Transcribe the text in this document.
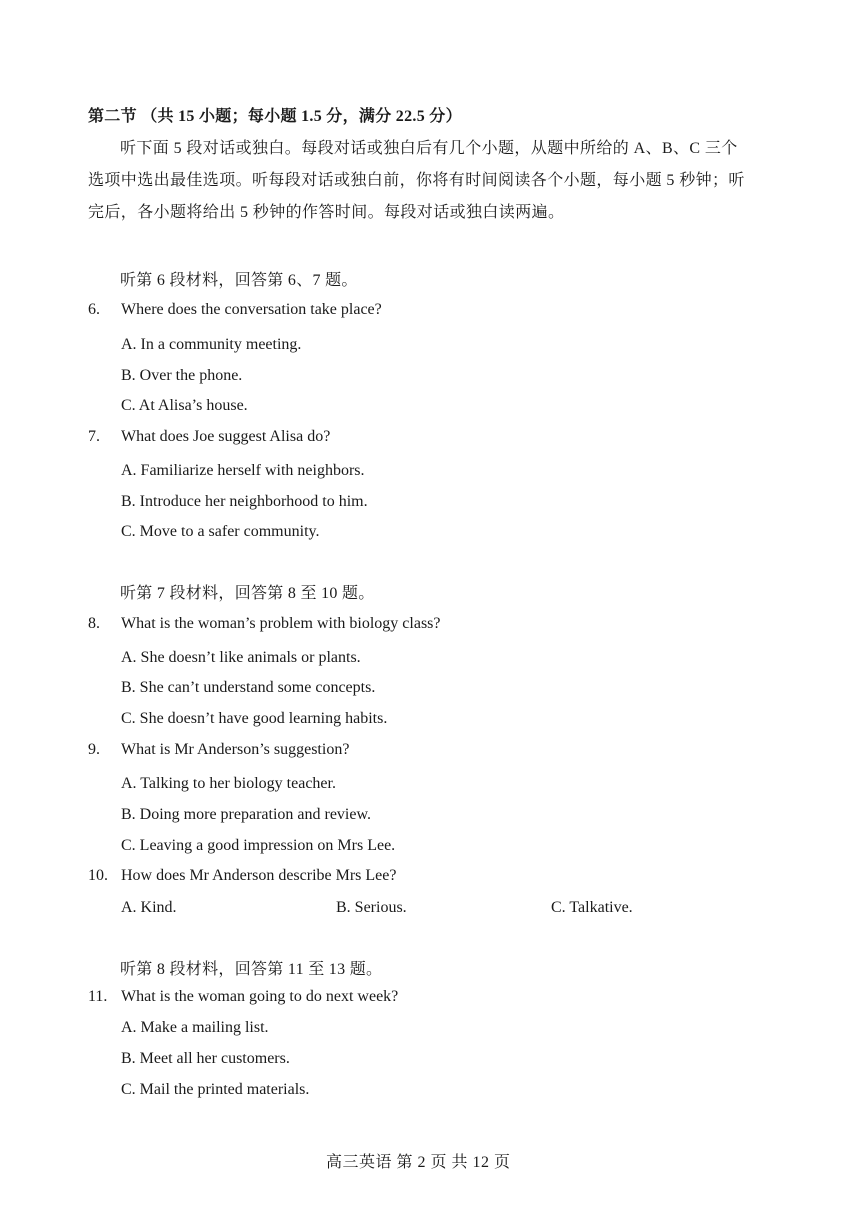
第二节 （共 15 小题；每小题 1.5 分，满分 22.5 分）
听下面 5 段对话或独白。每段对话或独白后有几个小题，从题中所给的 A、B、C 三个
选项中选出最佳选项。听每段对话或独白前，你将有时间阅读各个小题，每小题 5 秒钟；听
完后，各小题将给出 5 秒钟的作答时间。每段对话或独白读两遍。
听第 6 段材料，回答第 6、7 题。
6.	Where does the conversation take place?
A. In a community meeting.
B. Over the phone.
C. At Alisa’s house.
7.	What does Joe suggest Alisa do?
A. Familiarize herself with neighbors.
B. Introduce her neighborhood to him.
C. Move to a safer community.
听第 7 段材料，回答第 8 至 10 题。
8.	What is the woman’s problem with biology class?
A. She doesn’t like animals or plants.
B. She can’t understand some concepts.
C. She doesn’t have good learning habits.
9.	What is Mr Anderson’s suggestion?
A. Talking to her biology teacher.
B. Doing more preparation and review.
C. Leaving a good impression on Mrs Lee.
10. How does Mr Anderson describe Mrs Lee?
A. Kind.	B. Serious.	C. Talkative.
听第 8 段材料，回答第 11 至 13 题。
11. What is the woman going to do next week?
A. Make a mailing list.
B. Meet all her customers.
C. Mail the printed materials.
高三英语 第 2 页 共 12 页
